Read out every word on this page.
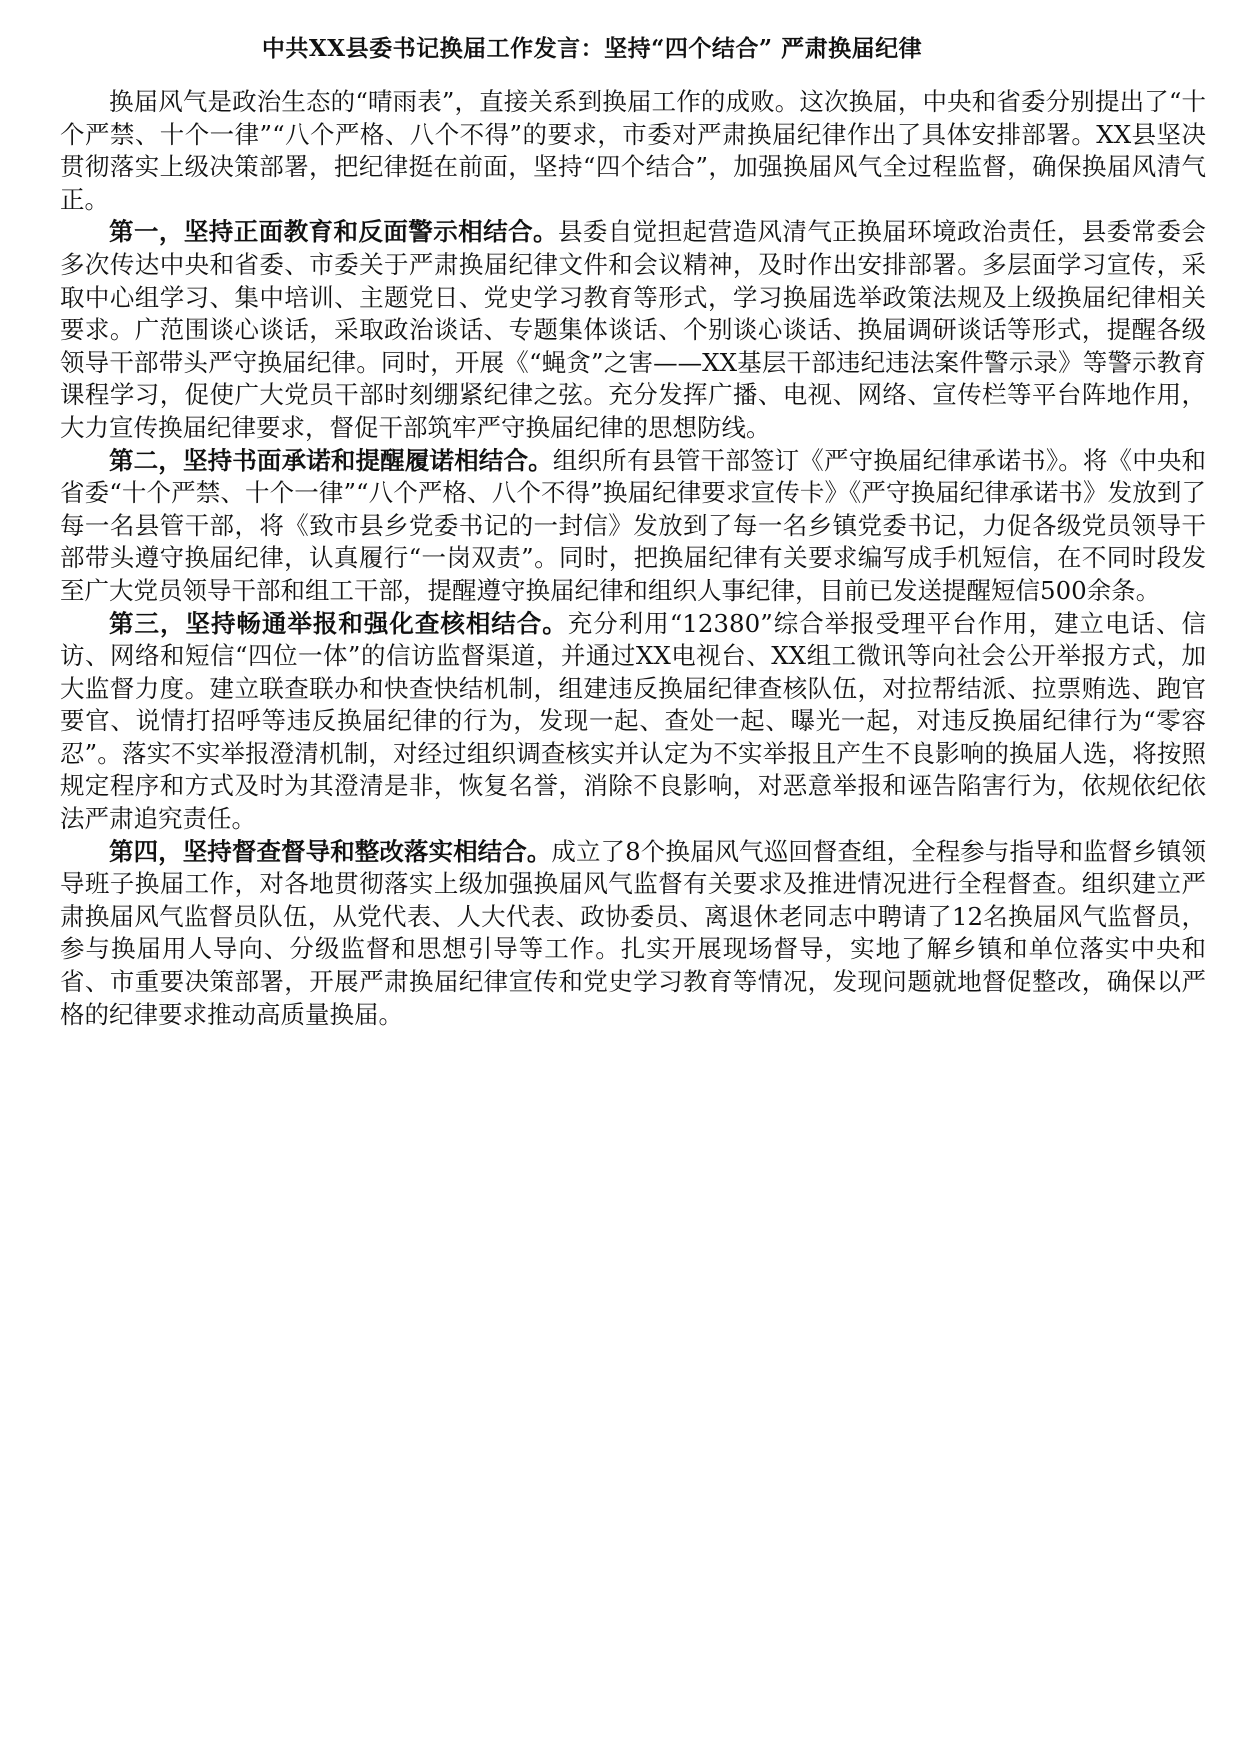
中共XX县委书记换届工作发言：坚持“四个结合” 严肃换届纪律

换届风气是政治生态的“晴雨表”，直接关系到换届工作的成败。这次换届，中央和省委分别提出了“十个严禁、十个一律”“八个严格、八个不得”的要求，市委对严肃换届纪律作出了具体安排部署。XX县坚决贯彻落实上级决策部署，把纪律挺在前面，坚持“四个结合”，加强换届风气全过程监督，确保换届风清气正。

第一，坚持正面教育和反面警示相结合。县委自觉担起营造风清气正换届环境政治责任，县委常委会多次传达中央和省委、市委关于严肃换届纪律文件和会议精神，及时作出安排部署。多层面学习宣传，采取中心组学习、集中培训、主题党日、党史学习教育等形式，学习换届选举政策法规及上级换届纪律相关要求。广范围谈心谈话，采取政治谈话、专题集体谈话、个别谈心谈话、换届调研谈话等形式，提醒各级领导干部带头严守换届纪律。同时，开展《“蝇贪”之害——XX基层干部违纪违法案件警示录》等警示教育课程学习，促使广大党员干部时刻绷紧纪律之弦。充分发挥广播、电视、网络、宣传栏等平台阵地作用，大力宣传换届纪律要求，督促干部筑牢严守换届纪律的思想防线。

第二，坚持书面承诺和提醒履诺相结合。组织所有县管干部签订《严守换届纪律承诺书》。将《中央和省委“十个严禁、十个一律”“八个严格、八个不得”换届纪律要求宣传卡》《严守换届纪律承诺书》发放到了每一名县管干部，将《致市县乡党委书记的一封信》发放到了每一名乡镇党委书记，力促各级党员领导干部带头遵守换届纪律，认真履行“一岗双责”。同时，把换届纪律有关要求编写成手机短信，在不同时段发至广大党员领导干部和组工干部，提醒遵守换届纪律和组织人事纪律，目前已发送提醒短信500余条。

第三，坚持畅通举报和强化查核相结合。充分利用“12380”综合举报受理平台作用，建立电话、信访、网络和短信“四位一体”的信访监督渠道，并通过XX电视台、XX组工微讯等向社会公开举报方式，加大监督力度。建立联查联办和快查快结机制，组建违反换届纪律查核队伍，对拉帮结派、拉票贿选、跑官要官、说情打招呼等违反换届纪律的行为，发现一起、查处一起、曝光一起，对违反换届纪律行为“零容忍”。落实不实举报澄清机制，对经过组织调查核实并认定为不实举报且产生不良影响的换届人选，将按照规定程序和方式及时为其澄清是非，恢复名誉，消除不良影响，对恶意举报和诬告陷害行为，依规依纪依法严肃追究责任。

第四，坚持督查督导和整改落实相结合。成立了8个换届风气巡回督查组，全程参与指导和监督乡镇领导班子换届工作，对各地贯彻落实上级加强换届风气监督有关要求及推进情况进行全程督查。组织建立严肃换届风气监督员队伍，从党代表、人大代表、政协委员、离退休老同志中聘请了12名换届风气监督员，参与换届用人导向、分级监督和思想引导等工作。扎实开展现场督导，实地了解乡镇和单位落实中央和省、市重要决策部署，开展严肃换届纪律宣传和党史学习教育等情况，发现问题就地督促整改，确保以严格的纪律要求推动高质量换届。
